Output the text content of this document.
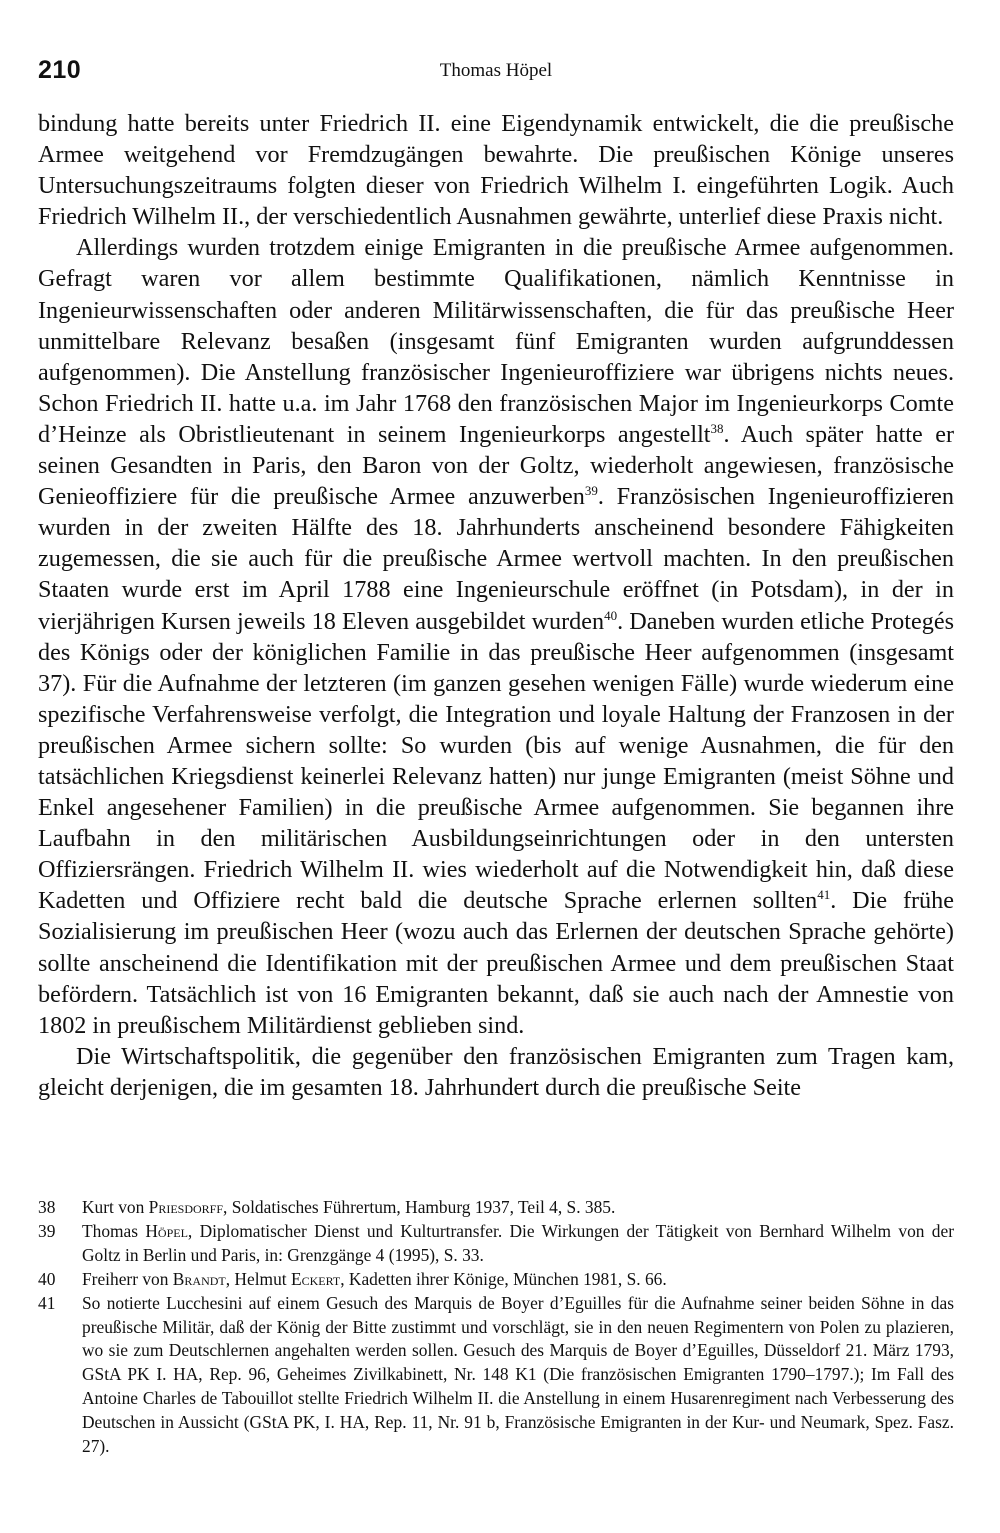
210	Thomas Höpel

bindung hatte bereits unter Friedrich II. eine Eigendynamik entwickelt, die die preußische Armee weitgehend vor Fremdzugängen bewahrte. Die preußischen Könige unseres Untersuchungszeitraums folgten dieser von Friedrich Wilhelm I. eingeführten Logik. Auch Friedrich Wilhelm II., der verschiedentlich Ausnahmen gewährte, unterlief diese Praxis nicht.

Allerdings wurden trotzdem einige Emigranten in die preußische Armee aufgenommen. Gefragt waren vor allem bestimmte Qualifikationen, nämlich Kenntnisse in Ingenieurwissenschaften oder anderen Militärwissenschaften, die für das preußische Heer unmittelbare Relevanz besaßen (insgesamt fünf Emigranten wurden aufgrunddessen aufgenommen). Die Anstellung französischer Ingenieuroffiziere war übrigens nichts neues. Schon Friedrich II. hatte u.a. im Jahr 1768 den französischen Major im Ingenieurkorps Comte d’Heinze als Obristlieutenant in seinem Ingenieurkorps angestellt$^{38}$. Auch später hatte er seinen Gesandten in Paris, den Baron von der Goltz, wiederholt angewiesen, französische Genieoffiziere für die preußische Armee anzuwerben$^{39}$. Französischen Ingenieuroffizieren wurden in der zweiten Hälfte des 18. Jahrhunderts anscheinend besondere Fähigkeiten zugemessen, die sie auch für die preußische Armee wertvoll machten. In den preußischen Staaten wurde erst im April 1788 eine Ingenieurschule eröffnet (in Potsdam), in der in vierjährigen Kursen jeweils 18 Eleven ausgebildet wurden$^{40}$. Daneben wurden etliche Protegés des Königs oder der königlichen Familie in das preußische Heer aufgenommen (insgesamt 37). Für die Aufnahme der letzteren (im ganzen gesehen wenigen Fälle) wurde wiederum eine spezifische Verfahrensweise verfolgt, die Integration und loyale Haltung der Franzosen in der preußischen Armee sichern sollte: So wurden (bis auf wenige Ausnahmen, die für den tatsächlichen Kriegsdienst keinerlei Relevanz hatten) nur junge Emigranten (meist Söhne und Enkel angesehener Familien) in die preußische Armee aufgenommen. Sie begannen ihre Laufbahn in den militärischen Ausbildungseinrichtungen oder in den untersten Offiziersrängen. Friedrich Wilhelm II. wies wiederholt auf die Notwendigkeit hin, daß diese Kadetten und Offiziere recht bald die deutsche Sprache erlernen sollten$^{41}$. Die frühe Sozialisierung im preußischen Heer (wozu auch das Erlernen der deutschen Sprache gehörte) sollte anscheinend die Identifikation mit der preußischen Armee und dem preußischen Staat befördern. Tatsächlich ist von 16 Emigranten bekannt, daß sie auch nach der Amnestie von 1802 in preußischem Militärdienst geblieben sind.

Die Wirtschaftspolitik, die gegenüber den französischen Emigranten zum Tragen kam, gleicht derjenigen, die im gesamten 18. Jahrhundert durch die preußische Seite

38	Kurt von Priesdorff, Soldatisches Führertum, Hamburg 1937, Teil 4, S. 385.
39	Thomas Höpel, Diplomatischer Dienst und Kulturtransfer. Die Wirkungen der Tätigkeit von Bernhard Wilhelm von der Goltz in Berlin und Paris, in: Grenzgänge 4 (1995), S. 33.
40	Freiherr von Brandt, Helmut Eckert, Kadetten ihrer Könige, München 1981, S. 66.
41	So notierte Lucchesini auf einem Gesuch des Marquis de Boyer d’Eguilles für die Aufnahme seiner beiden Söhne in das preußische Militär, daß der König der Bitte zustimmt und vorschlägt, sie in den neuen Regimentern von Polen zu plazieren, wo sie zum Deutschlernen angehalten werden sollen. Gesuch des Marquis de Boyer d’Eguilles, Düsseldorf 21. März 1793, GStA PK I. HA, Rep. 96, Geheimes Zivilkabinett, Nr. 148 K1 (Die französischen Emigranten 1790–1797.); Im Fall des Antoine Charles de Tabouillot stellte Friedrich Wilhelm II. die Anstellung in einem Husarenregiment nach Verbesserung des Deutschen in Aussicht (GStA PK, I. HA, Rep. 11, Nr. 91 b, Französische Emigranten in der Kur- und Neumark, Spez. Fasz. 27).
